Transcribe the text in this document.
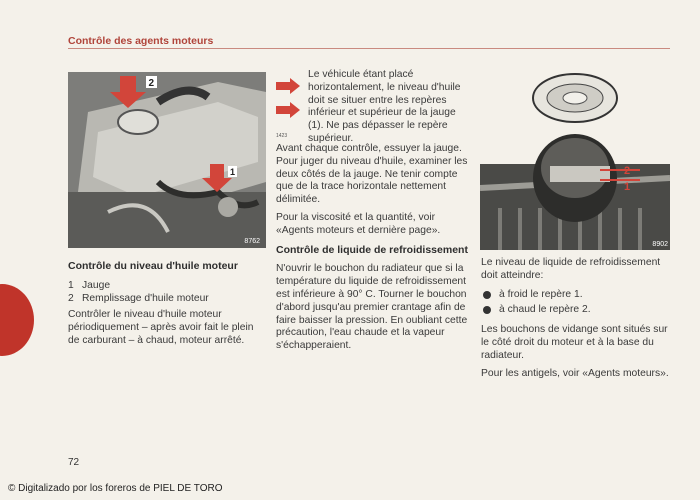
Contrôle des agents moteurs
2
1
8762
2
1
8902
Contrôle du niveau d'huile moteur
1 Jauge
2 Remplissage d'huile moteur

Contrôler le niveau d'huile moteur périodiquement – après avoir fait le plein de carburant – à chaud, moteur arrêté.

1423

Le véhicule étant placé horizontalement, le niveau d'huile doit se situer entre les repères inférieur et supérieur de la jauge (1). Ne pas dépasser le repère supérieur.

Avant chaque contrôle, essuyer la jauge. Pour juger du niveau d'huile, examiner les deux côtés de la jauge. Ne tenir compte que de la trace horizontale nettement délimitée.

Pour la viscosité et la quantité, voir «Agents moteurs et dernière page».

Contrôle de liquide de refroidissement

N'ouvrir le bouchon du radiateur que si la température du liquide de refroidissement est inférieure à 90° C. Tourner le bouchon d'abord jusqu'au premier crantage afin de faire baisser la pression. En oubliant cette précaution, l'eau chaude et la vapeur s'échapperaient.

Le niveau de liquide de refroidissement doit atteindre:

à froid le repère 1.
à chaud le repère 2.

Les bouchons de vidange sont situés sur le côté droit du moteur et à la base du radiateur.

Pour les antigels, voir «Agents moteurs».

72
© Digitalizado por los foreros de PIEL DE TORO
